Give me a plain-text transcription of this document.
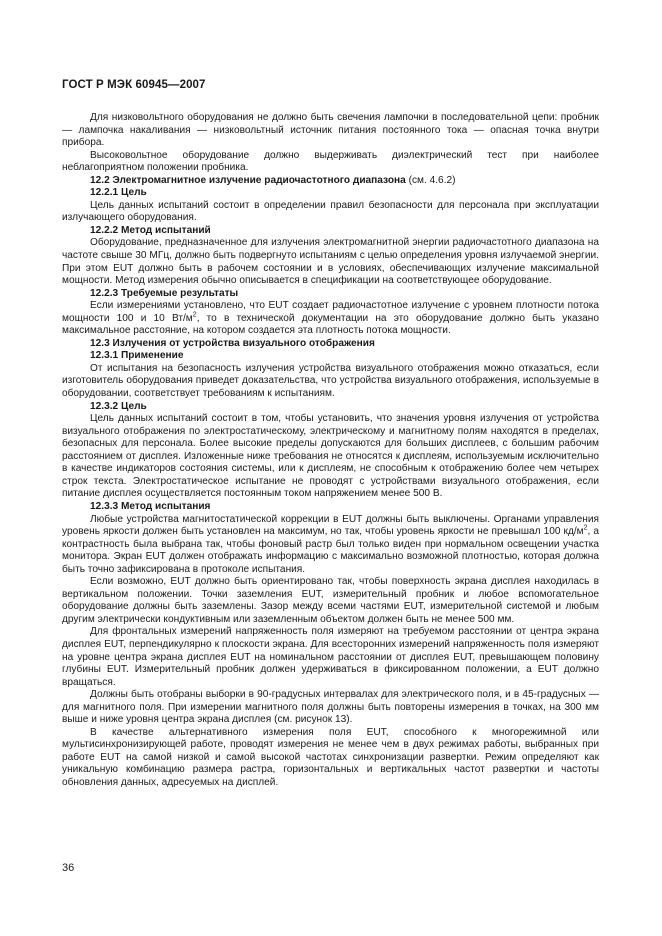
ГОСТ Р МЭК 60945—2007

Для низковольтного оборудования не должно быть свечения лампочки в последовательной цепи: пробник — лампочка накаливания — низковольтный источник питания постоянного тока — опасная точка внутри прибора.

Высоковольтное оборудование должно выдерживать диэлектрический тест при наиболее неблагоприятном положении пробника.

12.2 Электромагнитное излучение радиочастотного диапазона (см. 4.6.2)

12.2.1 Цель

Цель данных испытаний состоит в определении правил безопасности для персонала при эксплуатации излучающего оборудования.

12.2.2 Метод испытаний

Оборудование, предназначенное для излучения электромагнитной энергии радиочастотного диапазона на частоте свыше 30 МГц, должно быть подвергнуто испытаниям с целью определения уровня излучаемой энергии. При этом EUT должно быть в рабочем состоянии и в условиях, обеспечивающих излучение максимальной мощности. Метод измерения обычно описывается в спецификации на соответствующее оборудование.

12.2.3 Требуемые результаты

Если измерениями установлено, что EUT создает радиочастотное излучение с уровнем плотности потока мощности 100 и 10 $Вт/м^2$, то в технической документации на это оборудование должно быть указано максимальное расстояние, на котором создается эта плотность потока мощности.

12.3 Излучения от устройства визуального отображения

12.3.1 Применение

От испытания на безопасность излучения устройства визуального отображения можно отказаться, если изготовитель оборудования приведет доказательства, что устройства визуального отображения, используемые в оборудовании, соответствует требованиям к испытаниям.

12.3.2 Цель

Цель данных испытаний состоит в том, чтобы установить, что значения уровня излучения от устройства визуального отображения по электростатическому, электрическому и магнитному полям находятся в пределах, безопасных для персонала. Более высокие пределы допускаются для больших дисплеев, с большим рабочим расстоянием от дисплея. Изложенные ниже требования не относятся к дисплеям, используемым исключительно в качестве индикаторов состояния системы, или к дисплеям, не способным к отображению более чем четырех строк текста. Электростатическое испытание не проводят с устройствами визуального отображения, если питание дисплея осуществляется постоянным током напряжением менее 500 В.

12.3.3 Метод испытания

Любые устройства магнитостатической коррекции в EUT должны быть выключены. Органами управления уровень яркости должен быть установлен на максимум, но так, чтобы уровень яркости не превышал 100 $кд/м^2$, а контрастность была выбрана так, чтобы фоновый растр был только виден при нормальном освещении участка монитора. Экран EUT должен отображать информацию с максимально возможной плотностью, которая должна быть точно зафиксирована в протоколе испытания.

Если возможно, EUT должно быть ориентировано так, чтобы поверхность экрана дисплея находилась в вертикальном положении. Точки заземления EUT, измерительный пробник и любое вспомогательное оборудование должны быть заземлены. Зазор между всеми частями EUT, измерительной системой и любым другим электрически кондуктивным или заземленным объектом должен быть не менее 500 мм.

Для фронтальных измерений напряженность поля измеряют на требуемом расстоянии от центра экрана дисплея EUT, перпендикулярно к плоскости экрана. Для всесторонних измерений напряженность поля измеряют на уровне центра экрана дисплея EUT на номинальном расстоянии от дисплея EUT, превышающем половину глубины EUT. Измерительный пробник должен удерживаться в фиксированном положении, а EUT должно вращаться.

Должны быть отобраны выборки в 90-градусных интервалах для электрического поля, и в 45-градусных — для магнитного поля. При измерении магнитного поля должны быть повторены измерения в точках, на 300 мм выше и ниже уровня центра экрана дисплея (см. рисунок 13).

В качестве альтернативного измерения поля EUT, способного к многорежимной или мультисинхронизирующей работе, проводят измерения не менее чем в двух режимах работы, выбранных при работе EUT на самой низкой и самой высокой частотах синхронизации развертки. Режим определяют как уникальную комбинацию размера растра, горизонтальных и вертикальных частот развертки и частоты обновления данных, адресуемых на дисплей.

36
